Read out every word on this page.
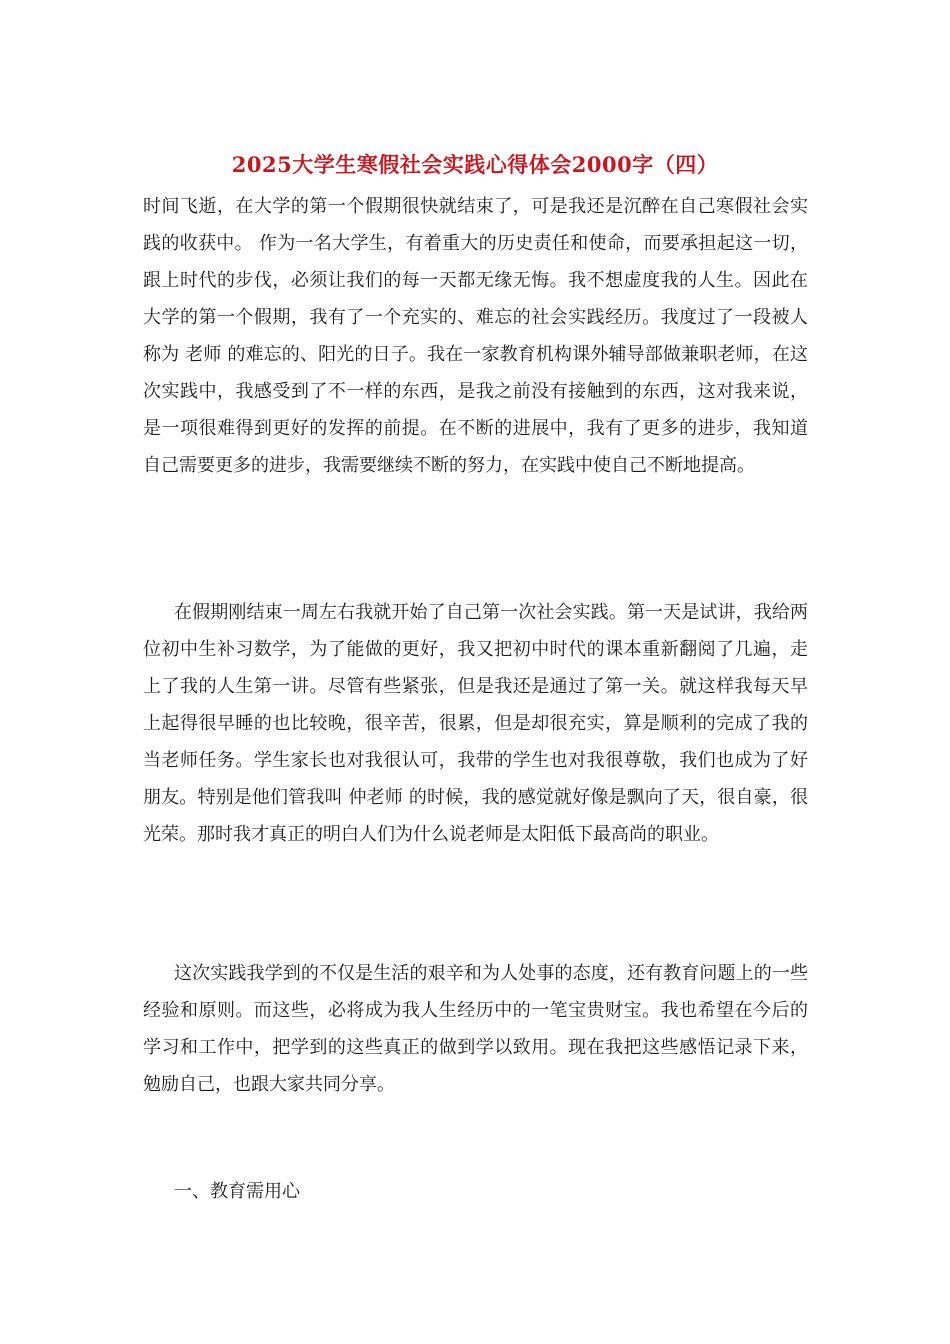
2025大学生寒假社会实践心得体会2000字（四）

时间飞逝，在大学的第一个假期很快就结束了，可是我还是沉醉在自己寒假社会实践的收获中。 作为一名大学生，有着重大的历史责任和使命，而要承担起这一切，跟上时代的步伐，必须让我们的每一天都无缘无悔。我不想虚度我的人生。因此在大学的第一个假期，我有了一个充实的、难忘的社会实践经历。我度过了一段被人称为 老师 的难忘的、阳光的日子。我在一家教育机构课外辅导部做兼职老师，在这次实践中，我感受到了不一样的东西，是我之前没有接触到的东西，这对我来说，是一项很难得到更好的发挥的前提。在不断的进展中，我有了更多的进步，我知道自己需要更多的进步，我需要继续不断的努力，在实践中使自己不断地提高。

在假期刚结束一周左右我就开始了自己第一次社会实践。第一天是试讲，我给两位初中生补习数学，为了能做的更好，我又把初中时代的课本重新翻阅了几遍，走上了我的人生第一讲。尽管有些紧张，但是我还是通过了第一关。就这样我每天早上起得很早睡的也比较晚，很辛苦，很累，但是却很充实，算是顺利的完成了我的当老师任务。学生家长也对我很认可，我带的学生也对我很尊敬，我们也成为了好朋友。特别是他们管我叫 仲老师 的时候，我的感觉就好像是飘向了天，很自豪，很光荣。那时我才真正的明白人们为什么说老师是太阳低下最高尚的职业。

这次实践我学到的不仅是生活的艰辛和为人处事的态度，还有教育问题上的一些经验和原则。而这些，必将成为我人生经历中的一笔宝贵财宝。我也希望在今后的学习和工作中，把学到的这些真正的做到学以致用。现在我把这些感悟记录下来，勉励自己，也跟大家共同分享。

一、教育需用心
